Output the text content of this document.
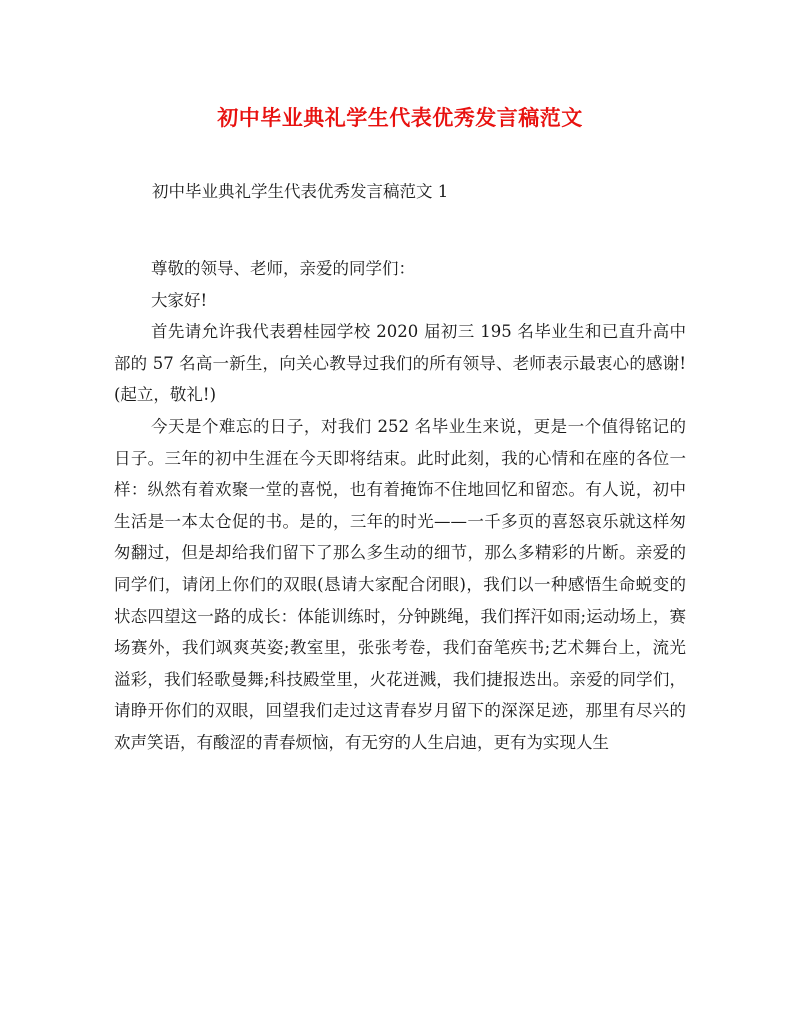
初中毕业典礼学生代表优秀发言稿范文

初中毕业典礼学生代表优秀发言稿范文 1

尊敬的领导、老师，亲爱的同学们：

大家好!

首先请允许我代表碧桂园学校 2020 届初三 195 名毕业生和已直升高中部的 57 名高一新生，向关心教导过我们的所有领导、老师表示最衷心的感谢!(起立，敬礼!)

今天是个难忘的日子，对我们 252 名毕业生来说，更是一个值得铭记的日子。三年的初中生涯在今天即将结束。此时此刻，我的心情和在座的各位一样：纵然有着欢聚一堂的喜悦，也有着掩饰不住地回忆和留恋。有人说，初中生活是一本太仓促的书。是的，三年的时光——一千多页的喜怒哀乐就这样匆匆翻过，但是却给我们留下了那么多生动的细节，那么多精彩的片断。亲爱的同学们，请闭上你们的双眼(恳请大家配合闭眼)，我们以一种感悟生命蜕变的状态四望这一路的成长：体能训练时，分钟跳绳，我们挥汗如雨;运动场上，赛场赛外，我们飒爽英姿;教室里，张张考卷，我们奋笔疾书;艺术舞台上，流光溢彩，我们轻歌曼舞;科技殿堂里，火花迸溅，我们捷报迭出。亲爱的同学们，请睁开你们的双眼，回望我们走过这青春岁月留下的深深足迹，那里有尽兴的欢声笑语，有酸涩的青春烦恼，有无穷的人生启迪，更有为实现人生
